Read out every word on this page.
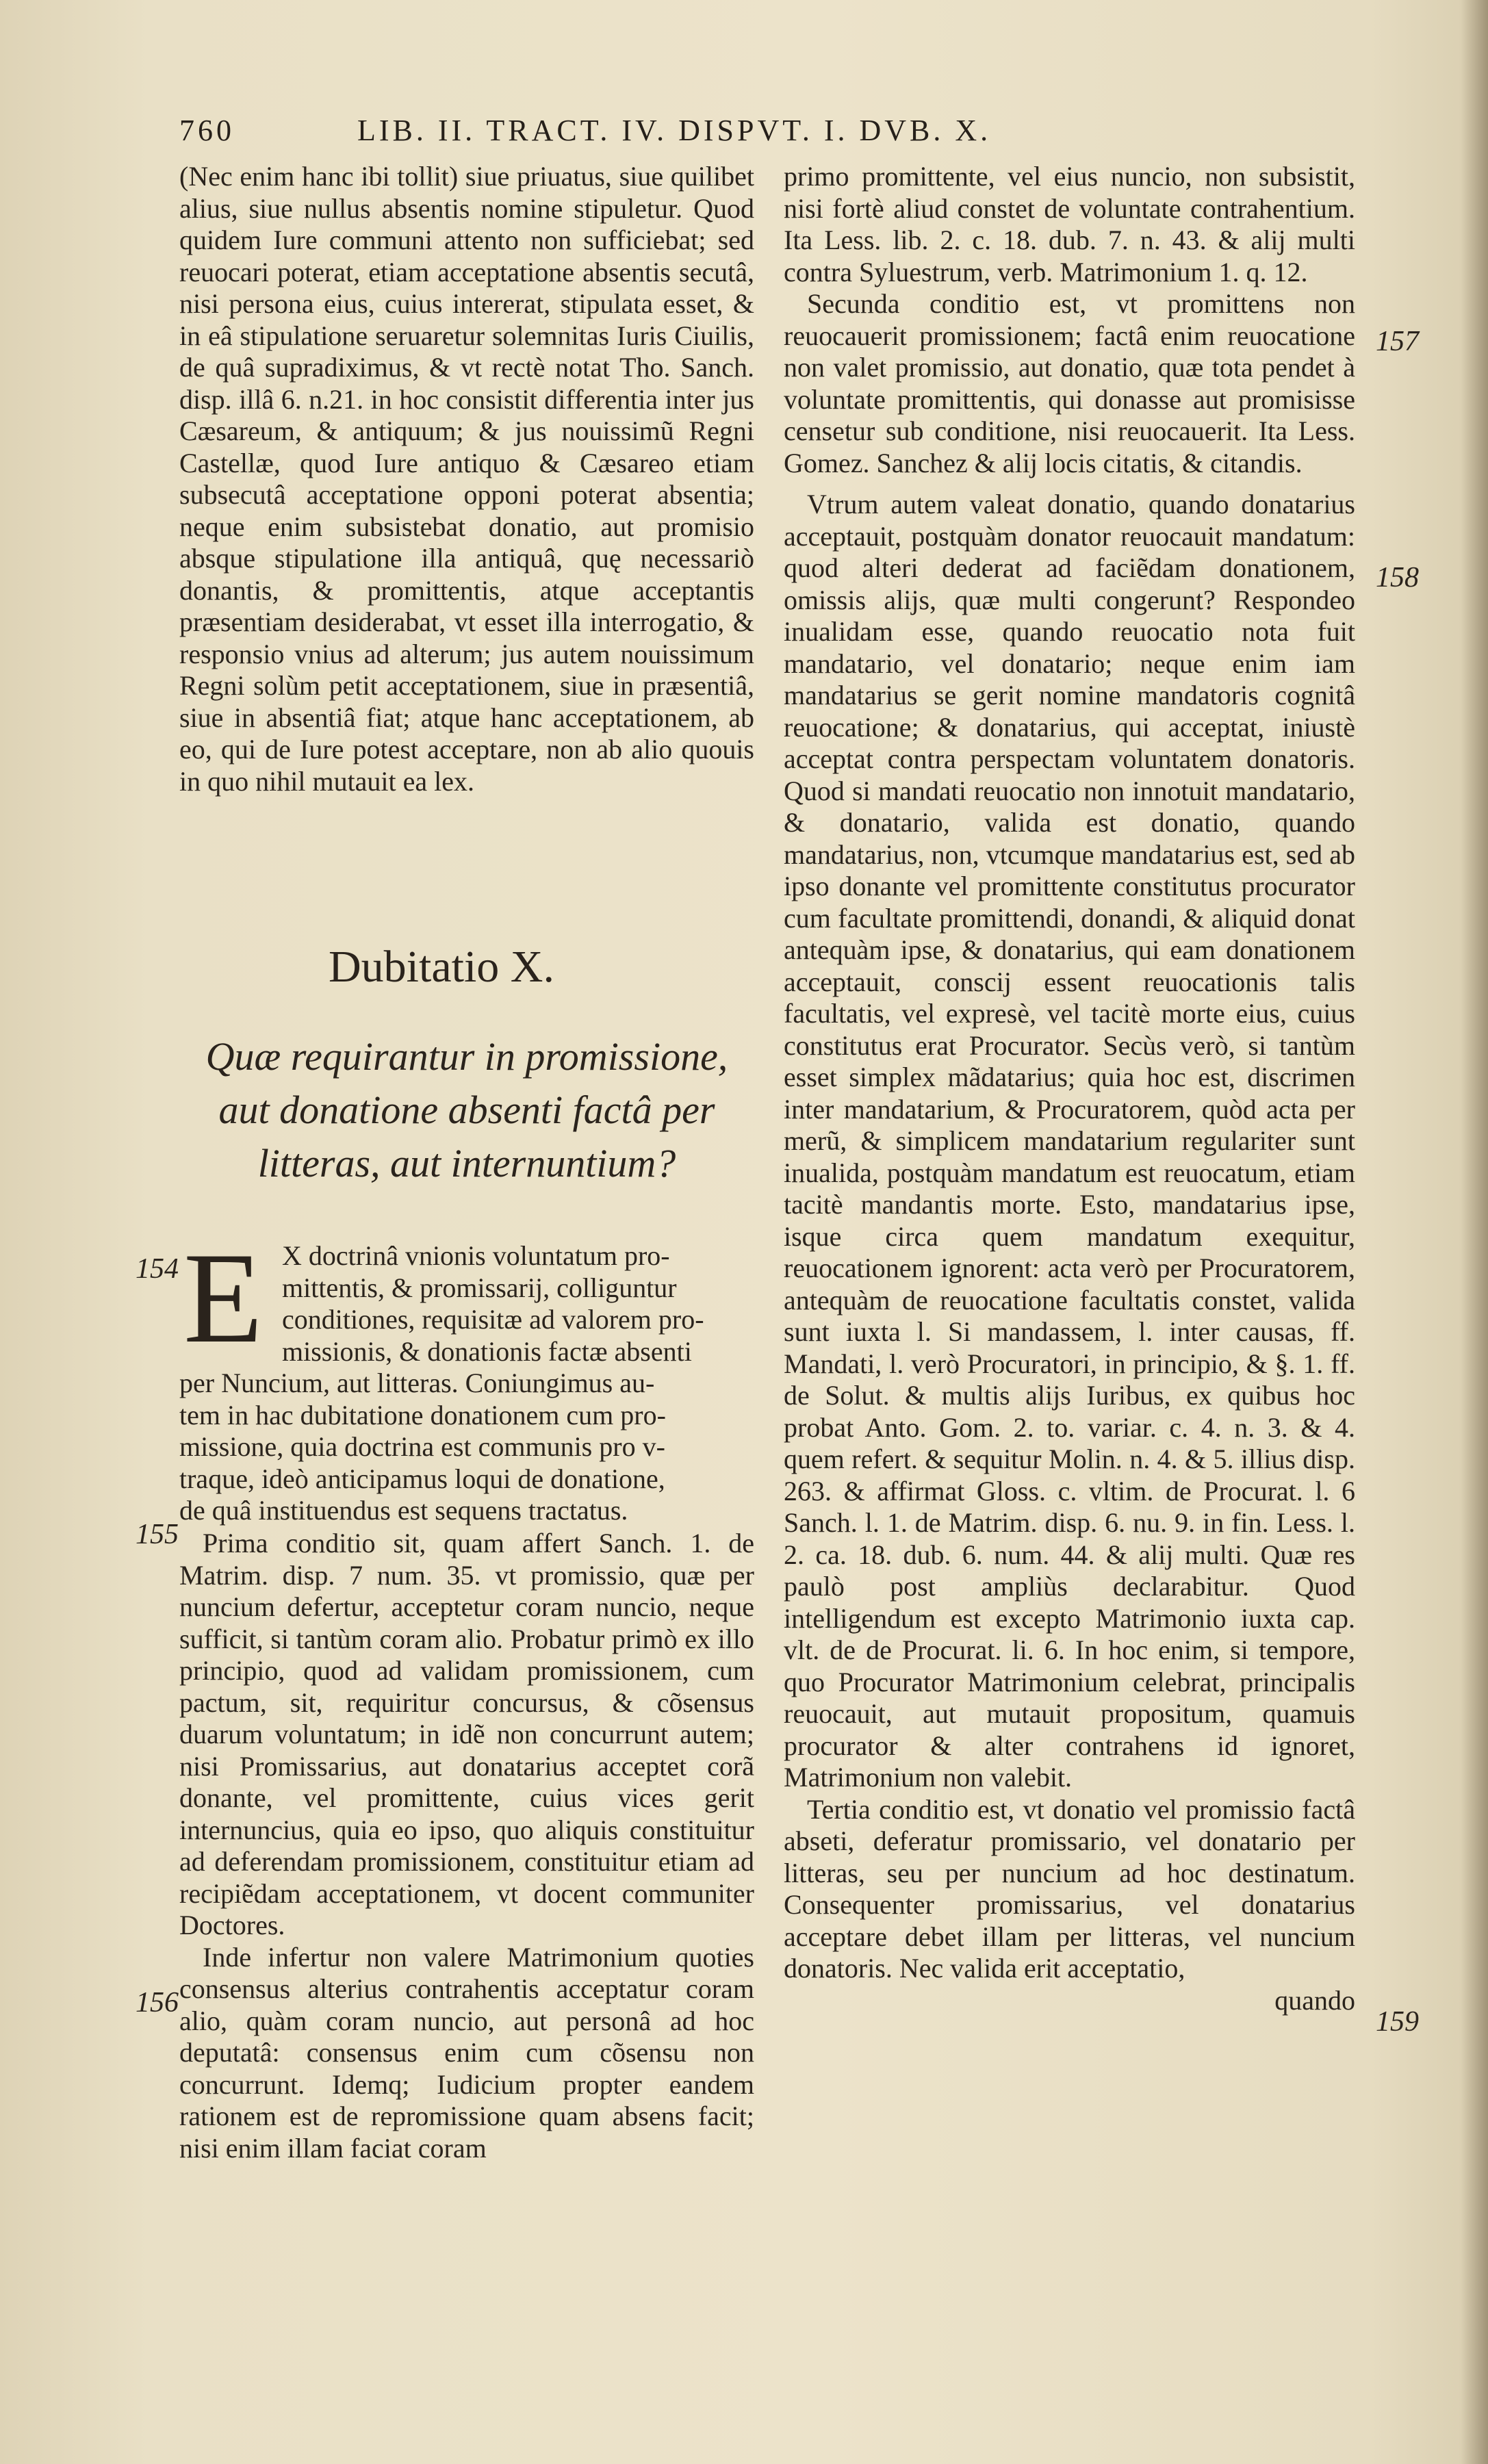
760	LIB. II. TRACT. IV. DISPVT. I. DVB. X.

(Nec enim hanc ibi tollit) siue priuatus, siue quilibet alius, siue nullus absentis nomine stipuletur. Quod quidem Iure communi attento non sufficiebat; sed reuocari poterat, etiam acceptatione absentis secutâ, nisi persona eius, cuius intererat, stipulata esset, & in eâ stipulatione seruaretur solemnitas Iuris Ciuilis, de quâ supradiximus, & vt rectè notat Tho. Sanch. disp. illâ 6. n.21. in hoc consistit differentia inter jus Cæsareum, & antiquum; & jus nouissimũ Regni Castellæ, quod Iure antiquo & Cæsareo etiam subsecutâ acceptatione opponi poterat absentia; neque enim subsistebat donatio, aut promisio absque stipulatione illa antiquâ, quę necessariò donantis, & promittentis, atque acceptantis præsentiam desiderabat, vt esset illa interrogatio, & responsio vnius ad alterum; jus autem nouissimum Regni solùm petit acceptationem, siue in præsentiâ, siue in absentiâ fiat; atque hanc acceptationem, ab eo, qui de Iure potest acceptare, non ab alio quouis in quo nihil mutauit ea lex.

Dubitatio X.
Quæ requirantur in promissione, aut donatione absenti factâ per litteras, aut internuntium?
E X doctrinâ vnionis voluntatum pro-
mittentis, & promissarij, colliguntur
conditiones, requisitæ ad valorem pro-
missionis, & donationis factæ absenti
per Nuncium, aut litteras. Coniungimus au-
tem in hac dubitatione donationem cum pro-
missione, quia doctrina est communis pro v-
traque, ideò anticipamus loqui de donatione,
de quâ instituendus est sequens tractatus.

Prima conditio sit, quam affert Sanch. 1. de Matrim. disp. 7 num. 35. vt promissio, quæ per nuncium defertur, acceptetur coram nuncio, neque sufficit, si tantùm coram alio. Probatur primò ex illo principio, quod ad validam promissionem, cum pactum, sit, requiritur concursus, & cõsensus duarum voluntatum; in idẽ non concurrunt autem; nisi Promissarius, aut donatarius acceptet corã donante, vel promittente, cuius vices gerit internuncius, quia eo ipso, quo aliquis constituitur ad deferendam promissionem, constituitur etiam ad recipiẽdam acceptationem, vt docent communiter Doctores.

Inde infertur non valere Matrimonium quoties consensus alterius contrahentis acceptatur coram alio, quàm coram nuncio, aut personâ ad hoc deputatâ: consensus enim cum cõsensu non concurrunt. Idemq; Iudicium propter eandem rationem est de repromissione quam absens facit; nisi enim illam faciat coram

primo promittente, vel eius nuncio, non subsistit, nisi fortè aliud constet de voluntate contrahentium. Ita Less. lib. 2. c. 18. dub. 7. n. 43. & alij multi contra Syluestrum, verb. Matrimonium 1. q. 12.

Secunda conditio est, vt promittens non reuocauerit promissionem; factâ enim reuocatione non valet promissio, aut donatio, quæ tota pendet à voluntate promittentis, qui donasse aut promisisse censetur sub conditione, nisi reuocauerit. Ita Less. Gomez. Sanchez & alij locis citatis, & citandis.

Vtrum autem valeat donatio, quando donatarius acceptauit, postquàm donator reuocauit mandatum: quod alteri dederat ad faciẽdam donationem, omissis alijs, quæ multi congerunt? Respondeo inualidam esse, quando reuocatio nota fuit mandatario, vel donatario; neque enim iam mandatarius se gerit nomine mandatoris cognitâ reuocatione; & donatarius, qui acceptat, iniustè acceptat contra perspectam voluntatem donatoris. Quod si mandati reuocatio non innotuit mandatario, & donatario, valida est donatio, quando mandatarius, non, vtcumque mandatarius est, sed ab ipso donante vel promittente constitutus procurator cum facultate promittendi, donandi, & aliquid donat antequàm ipse, & donatarius, qui eam donationem acceptauit, conscij essent reuocationis talis facultatis, vel expresè, vel tacitè morte eius, cuius constitutus erat Procurator. Secùs verò, si tantùm esset simplex mãdatarius; quia hoc est, discrimen inter mandatarium, & Procuratorem, quòd acta per merũ, & simplicem mandatarium regulariter sunt inualida, postquàm mandatum est reuocatum, etiam tacitè mandantis morte. Esto, mandatarius ipse, isque circa quem mandatum exequitur, reuocationem ignorent: acta verò per Procuratorem, antequàm de reuocatione facultatis constet, valida sunt iuxta l. Si mandassem, l. inter causas, ff. Mandati, l. verò Procuratori, in principio, & §. 1. ff. de Solut. & multis alijs Iuribus, ex quibus hoc probat Anto. Gom. 2. to. variar. c. 4. n. 3. & 4. quem refert. & sequitur Molin. n. 4. & 5. illius disp. 263. & affirmat Gloss. c. vltim. de Procurat. l. 6 Sanch. l. 1. de Matrim. disp. 6. nu. 9. in fin. Less. l. 2. ca. 18. dub. 6. num. 44. & alij multi. Quæ res paulò post ampliùs declarabitur. Quod intelligendum est excepto Matrimonio iuxta cap. vlt. de de Procurat. li. 6. In hoc enim, si tempore, quo Procurator Matrimonium celebrat, principalis reuocauit, aut mutauit propositum, quamuis procurator & alter contrahens id ignoret, Matrimonium non valebit.

Tertia conditio est, vt donatio vel promissio factâ abseti, deferatur promissario, vel donatario per litteras, seu per nuncium ad hoc destinatum. Consequenter promissarius, vel donatarius acceptare debet illam per litteras, vel nuncium donatoris. Nec valida erit acceptatio,

quando

154
155
156
157
158
159
